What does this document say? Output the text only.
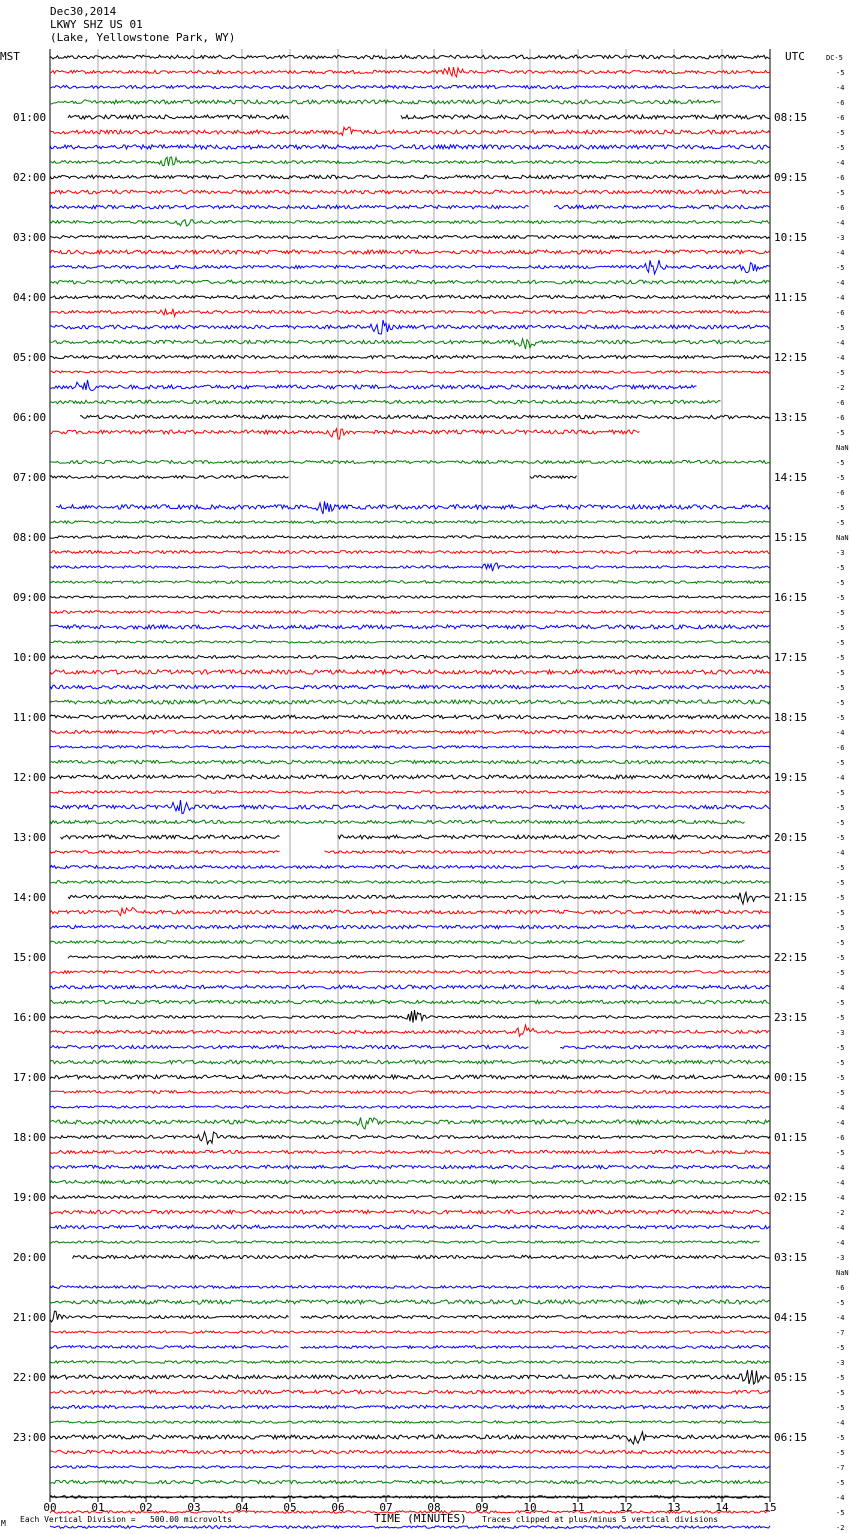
Dec30,2014
LKWY SHZ US 01
(Lake, Yellowstone Park, WY)
MST	UTC
00	01	02	03	04	05	06	07	08	09	10	11	12	13	14	15
DC-5
-5
-4
-6
-6
-5
-5
-4
-6
-5
-6
-4
-3
-4
-5
-4
-4
-6
-5
-4
-4
-5
-2
-6
-6
-5
NaN
-5
-5
-6
-5
-5
NaN
-3
-5
-5
-5
-5
-5
-5
-5
-5
-5
-5
-5
-4
-6
-5
-4
-5
-5
-5
-5
-4
-5
-5
-5
-5
-5
-5
-5
-5
-4
-5
-5
-3
-5
-5
-5
-5
-4
-4
-6
-5
-4
-4
-4
-2
-4
-4
-3
NaN
-6
-5
-4
-7
-5
-3
-5
-5
-5
-4
-5
-5
-7
-5
-4
-5
-2
01:00
02:00
03:00
04:00
05:00
06:00
07:00
08:00
09:00
10:00
11:00
12:00
13:00
14:00
15:00
16:00
17:00
18:00
19:00
20:00
21:00
22:00
23:00
08:15
09:15
10:15
11:15
12:15
13:15
14:15
15:15
16:15
17:15
18:15
19:15
20:15
21:15
22:15
23:15
00:15
01:15
02:15
03:15
04:15
05:15
06:15
M Each Vertical Division =   500.00 microvolts	TIME (MINUTES) Traces clipped at plus/minus 5 vertical divisions
